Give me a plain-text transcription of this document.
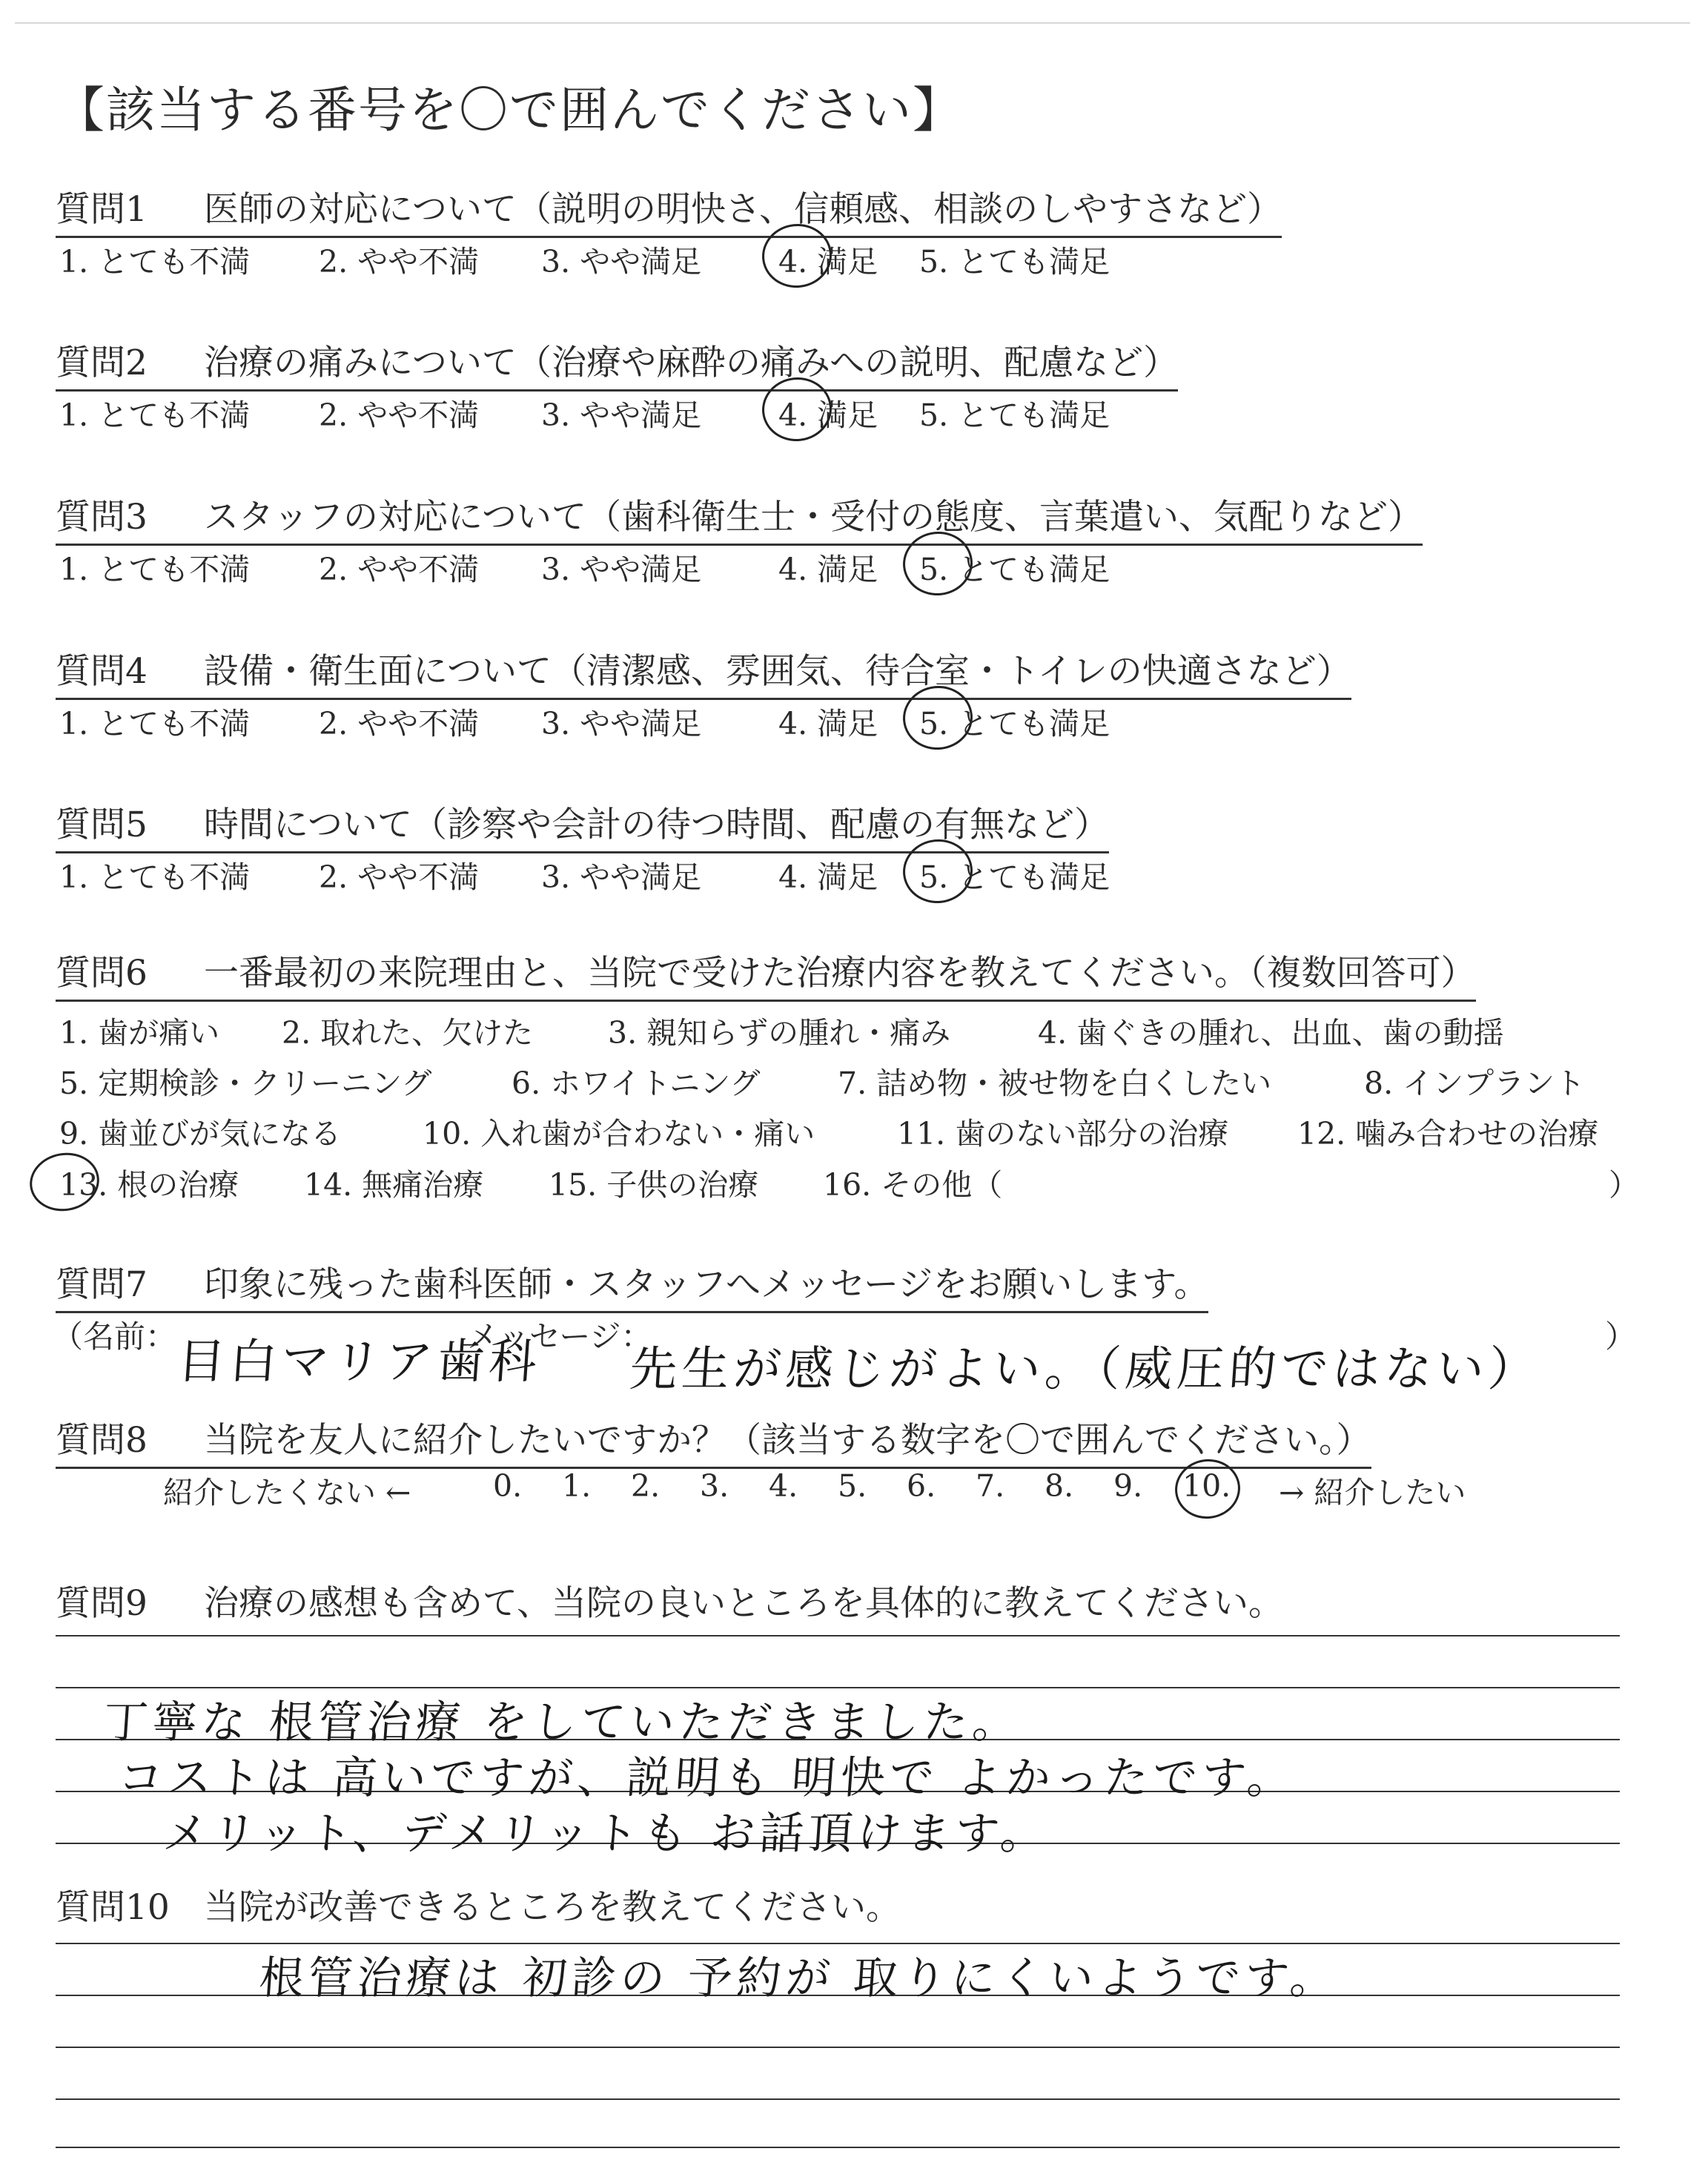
【該当する番号を〇で囲んでください】
質問1 医師の対応について（説明の明快さ、信頼感、相談のしやすさなど）
1. とても不満 2. やや不満 3. やや満足	4. 満足 5. とても満足
質問2 治療の痛みについて（治療や麻酔の痛みへの説明、配慮など）
1. とても不満 2. やや不満 3. やや満足	4. 満足 5. とても満足
質問3 スタッフの対応について（歯科衛生士・受付の態度、言葉遣い、気配りなど）
1. とても不満 2. やや不満 3. やや満足	4. 満足 5. とても満足
質問4 設備・衛生面について（清潔感、雰囲気、待合室・トイレの快適さなど）
1. とても不満 2. やや不満 3. やや満足	4. 満足 5. とても満足
質問5 時間について（診察や会計の待つ時間、配慮の有無など）
1. とても不満 2. やや不満 3. やや満足	4. 満足 5. とても満足
質問6 一番最初の来院理由と、当院で受けた治療内容を教えてください。（複数回答可）
1. 歯が痛い 2. 取れた、欠けた 3. 親知らずの腫れ・痛み	4. 歯ぐきの腫れ、出血、歯の動揺
5. 定期検診・クリーニング	6. ホワイトニング	7. 詰め物・被せ物を白くしたい	8. インプラント
9. 歯並びが気になる	10. 入れ歯が合わない・痛い	11. 歯のない部分の治療 12. 噛み合わせの治療
13. 根の治療 14. 無痛治療 15. 子供の治療 16. その他（	）
質問7 印象に残った歯科医師・スタッフへメッセージをお願いします。
（名前：	メッセージ：	）
目白マリア歯科 先生が感じがよい。（威圧的ではない）
質問8 当院を友人に紹介したいですか？（該当する数字を〇で囲んでください。）
紹介したくない ←	0. 1. 2. 3. 4. 5. 6. 7. 8. 9. 10. → 紹介したい
質問9 治療の感想も含めて、当院の良いところを具体的に教えてください。
丁寧な 根管治療 をしていただきました。
コストは 高いですが、説明も 明快で よかったです。
メリット、デメリットも お話頂けます。
質問10 当院が改善できるところを教えてください。
根管治療は 初診の 予約が 取りにくいようです。
